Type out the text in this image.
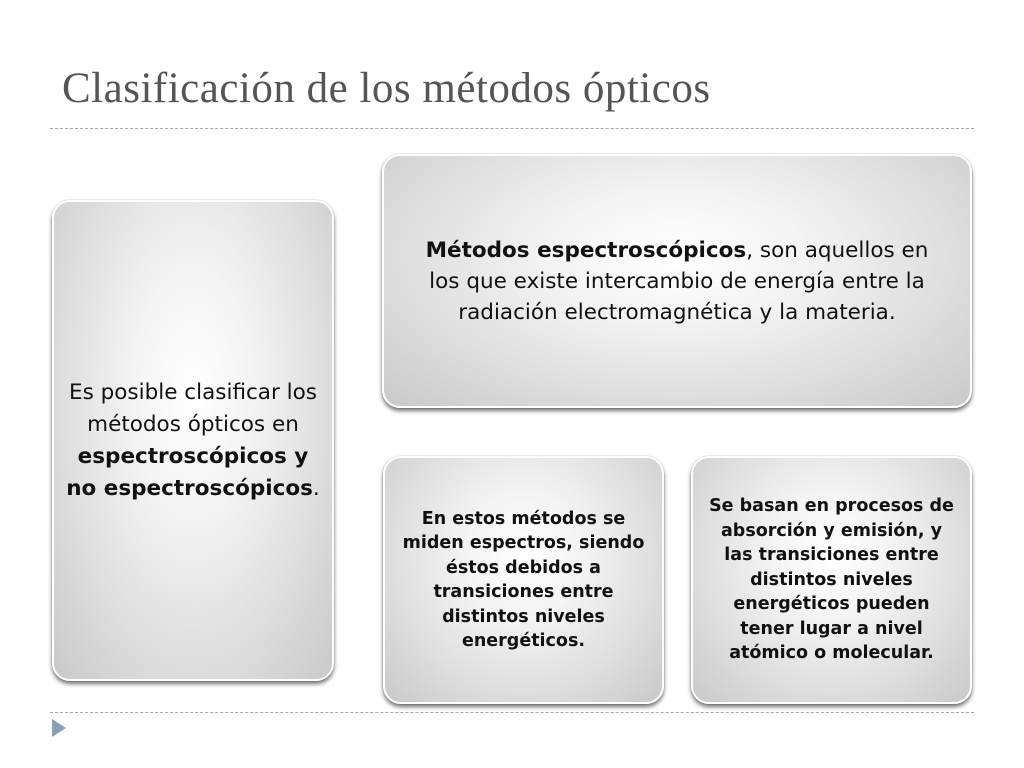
Clasificación de los métodos ópticos
Es posible clasificar los métodos ópticos en espectroscópicos y no espectroscópicos.
Métodos espectroscópicos, son aquellos en los que existe intercambio de energía entre la radiación electromagnética y la materia.
En estos métodos se miden espectros, siendo éstos debidos a transiciones entre distintos niveles energéticos.
Se basan en procesos de absorción y emisión, y las transiciones entre distintos niveles energéticos pueden tener lugar a nivel atómico o molecular.
